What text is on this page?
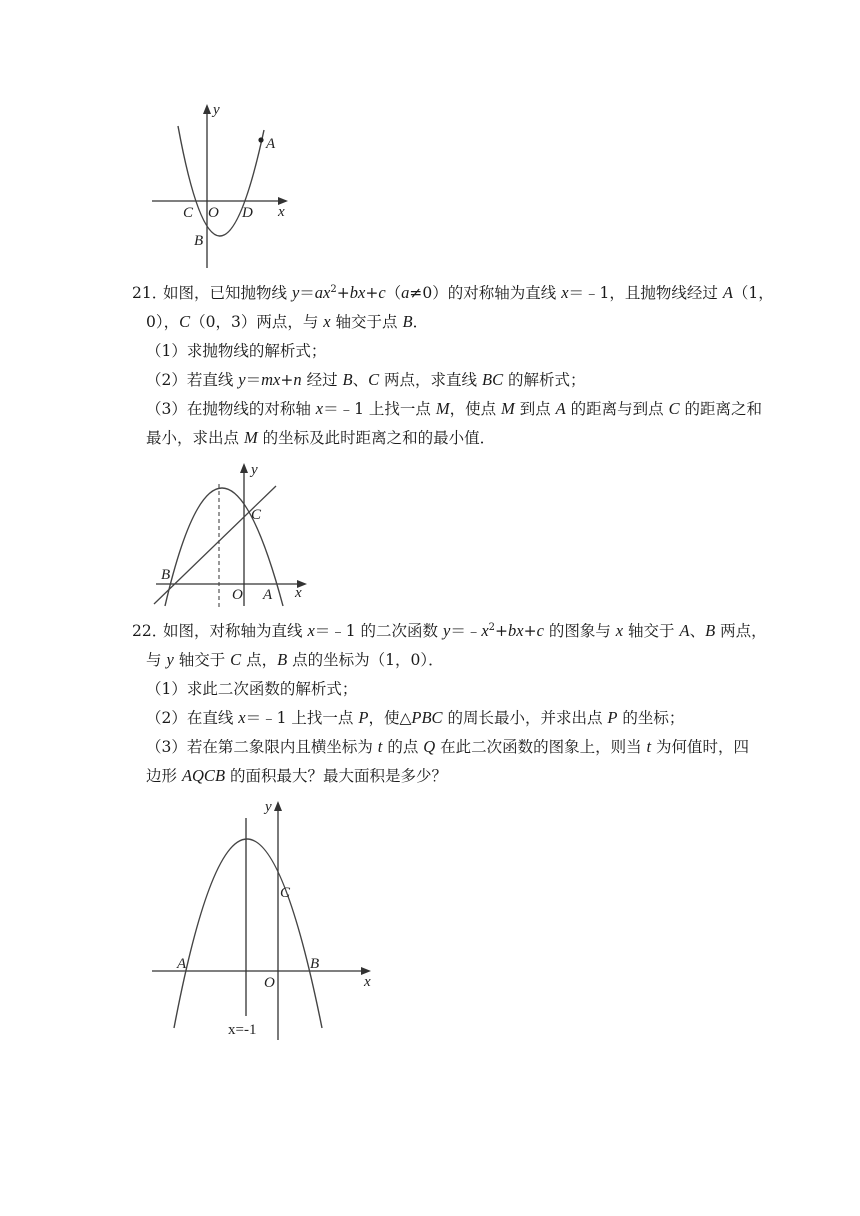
y
A
C O D x
B
21．
如图，已知抛物线 $y=ax^2+bx+c(a\ne 0)$的对称轴为直线 x＝﹣1，且抛物线经过 A（1，
0），C（0，3）两点，与 x 轴交于点 B．
（1）求抛物线的解析式；
（2）若直线 y＝mx+n 经过 B、C 两点，求直线 BC 的解析式；
（3）在抛物线的对称轴 x＝﹣1 上找一点 M，使点 M 到点 A 的距离与到点 C 的距离之和
最小，求出点 M 的坐标及此时距离之和的最小值．
y
C
B
O A x
22．
如图，对称轴为直线 x＝﹣1 的二次函数 $y=﹣x^2+bx+c$ 的图象与 x 轴交于 A、B 两点，
与 y 轴交于 C 点，B 点的坐标为（1，0）．
（1）求此二次函数的解析式；
（2）在直线 x＝﹣1 上找一点 P，使△PBC 的周长最小，并求出点 P 的坐标；
（3）若在第二象限内且横坐标为 t 的点 Q 在此二次函数的图象上，则当 t 为何值时，四
边形 AQCB 的面积最大？最大面积是多少？
y
C
A	B
O	x
x=-1
